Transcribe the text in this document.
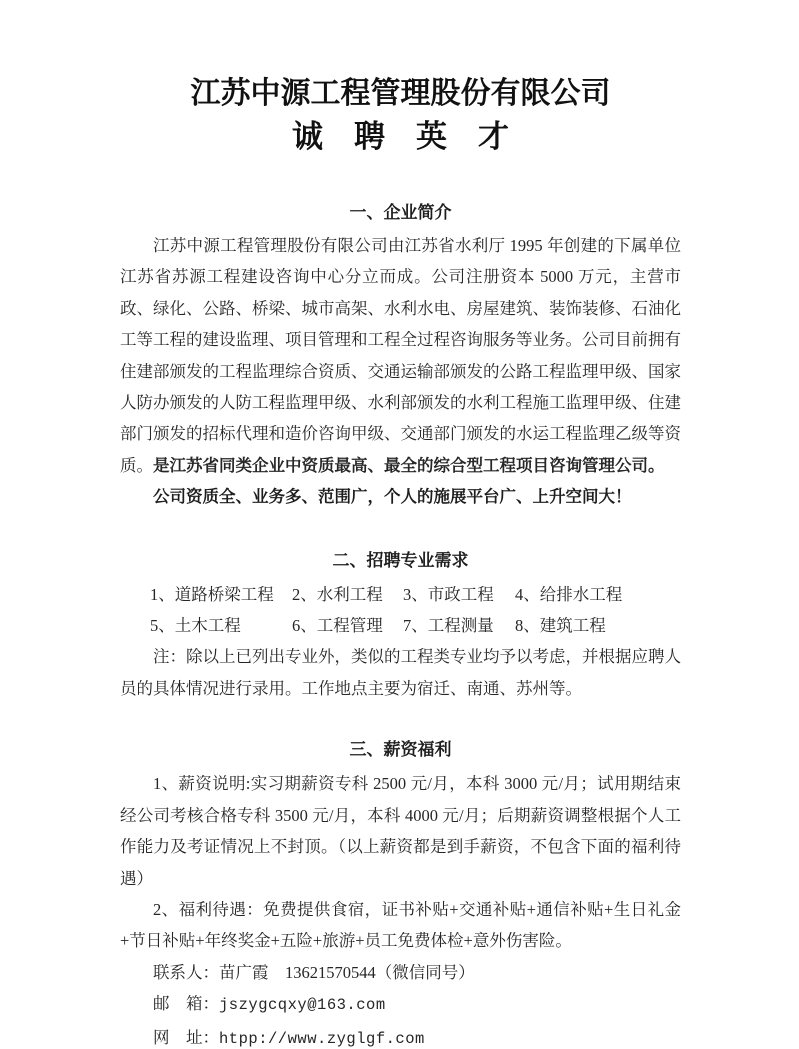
江苏中源工程管理股份有限公司
诚　聘　英　才
一、企业简介

江苏中源工程管理股份有限公司由江苏省水利厅 1995 年创建的下属单位江苏省苏源工程建设咨询中心分立而成。公司注册资本 5000 万元，主营市政、绿化、公路、桥梁、城市高架、水利水电、房屋建筑、装饰装修、石油化工等工程的建设监理、项目管理和工程全过程咨询服务等业务。公司目前拥有住建部颁发的工程监理综合资质、交通运输部颁发的公路工程监理甲级、国家人防办颁发的人防工程监理甲级、水利部颁发的水利工程施工监理甲级、住建部门颁发的招标代理和造价咨询甲级、交通部门颁发的水运工程监理乙级等资质。是江苏省同类企业中资质最高、最全的综合型工程项目咨询管理公司。

公司资质全、业务多、范围广，个人的施展平台广、上升空间大！

二、招聘专业需求
1、道路桥梁工程	2、水利工程	3、市政工程	4、给排水工程
5、土木工程	6、工程管理	7、工程测量	8、建筑工程

注：除以上已列出专业外，类似的工程类专业均予以考虑，并根据应聘人员的具体情况进行录用。工作地点主要为宿迁、南通、苏州等。

三、薪资福利

1、薪资说明:实习期薪资专科 2500 元/月，本科 3000 元/月；试用期结束经公司考核合格专科 3500 元/月，本科 4000 元/月；后期薪资调整根据个人工作能力及考证情况上不封顶。（以上薪资都是到手薪资，不包含下面的福利待遇）

2、福利待遇：免费提供食宿，证书补贴+交通补贴+通信补贴+生日礼金+节日补贴+年终奖金+五险+旅游+员工免费体检+意外伤害险。

联系人：苗广霞　13621570544（微信同号）
邮　箱：jszygcqxy@163.com
网　址：htpp://www.zyglgf.com
